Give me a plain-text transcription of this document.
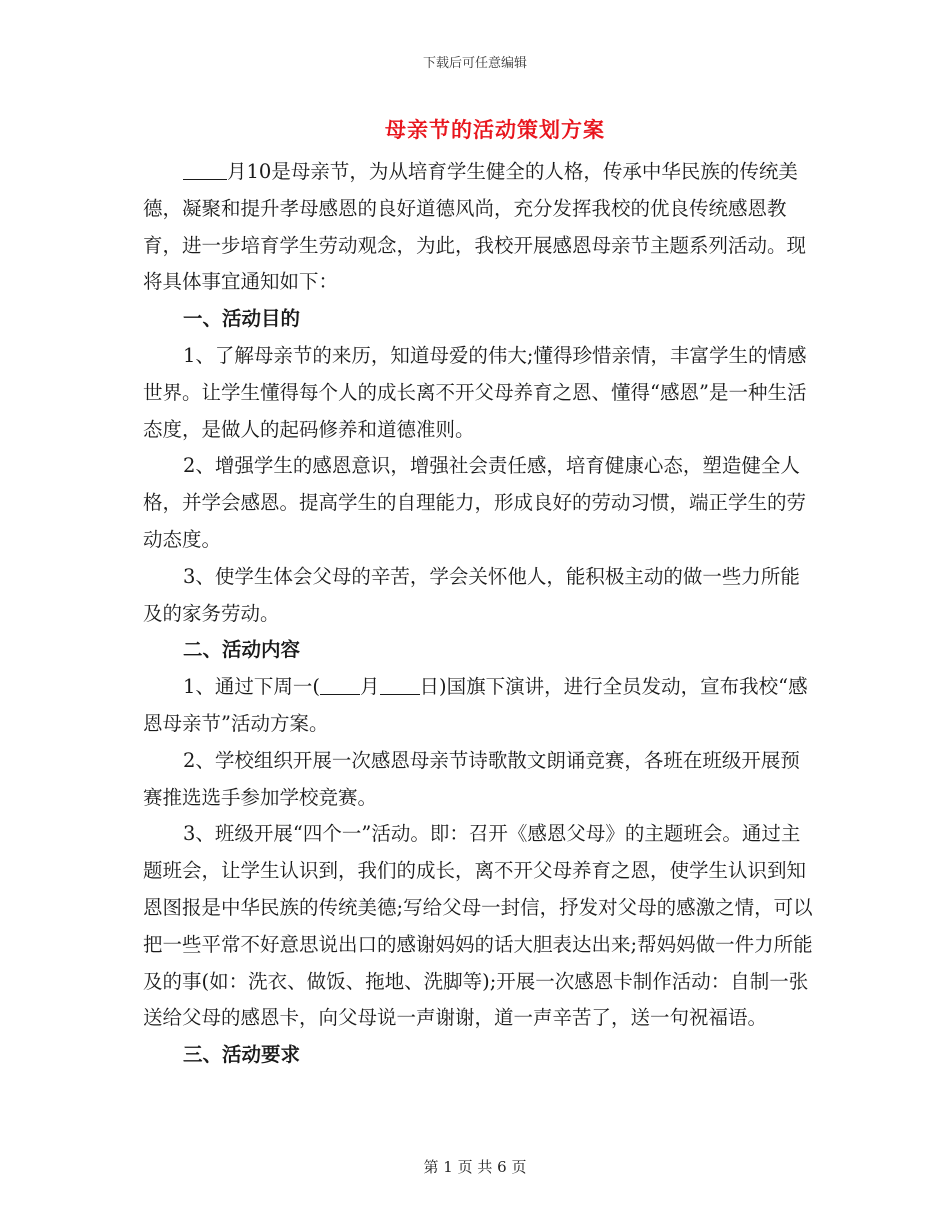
下载后可任意编辑
母亲节的活动策划方案

月10是母亲节，为从培育学生健全的人格，传承中华民族的传统美德，凝聚和提升孝母感恩的良好道德风尚，充分发挥我校的优良传统感恩教育，进一步培育学生劳动观念，为此，我校开展感恩母亲节主题系列活动。现将具体事宜通知如下：

一、活动目的

1、了解母亲节的来历，知道母爱的伟大;懂得珍惜亲情，丰富学生的情感世界。让学生懂得每个人的成长离不开父母养育之恩、懂得“感恩”是一种生活态度，是做人的起码修养和道德准则。

2、增强学生的感恩意识，增强社会责任感，培育健康心态，塑造健全人格，并学会感恩。提高学生的自理能力，形成良好的劳动习惯，端正学生的劳动态度。

3、使学生体会父母的辛苦，学会关怀他人，能积极主动的做一些力所能及的家务劳动。

二、活动内容

1、通过下周一( 月 日)国旗下演讲，进行全员发动，宣布我校“感恩母亲节”活动方案。

2、学校组织开展一次感恩母亲节诗歌散文朗诵竞赛，各班在班级开展预赛推选选手参加学校竞赛。

3、班级开展“四个一”活动。即：召开《感恩父母》的主题班会。通过主题班会，让学生认识到，我们的成长，离不开父母养育之恩，使学生认识到知恩图报是中华民族的传统美德;写给父母一封信，抒发对父母的感激之情，可以把一些平常不好意思说出口的感谢妈妈的话大胆表达出来;帮妈妈做一件力所能及的事(如：洗衣、做饭、拖地、洗脚等);开展一次感恩卡制作活动：自制一张送给父母的感恩卡，向父母说一声谢谢，道一声辛苦了，送一句祝福语。

三、活动要求

第 1 页 共 6 页
